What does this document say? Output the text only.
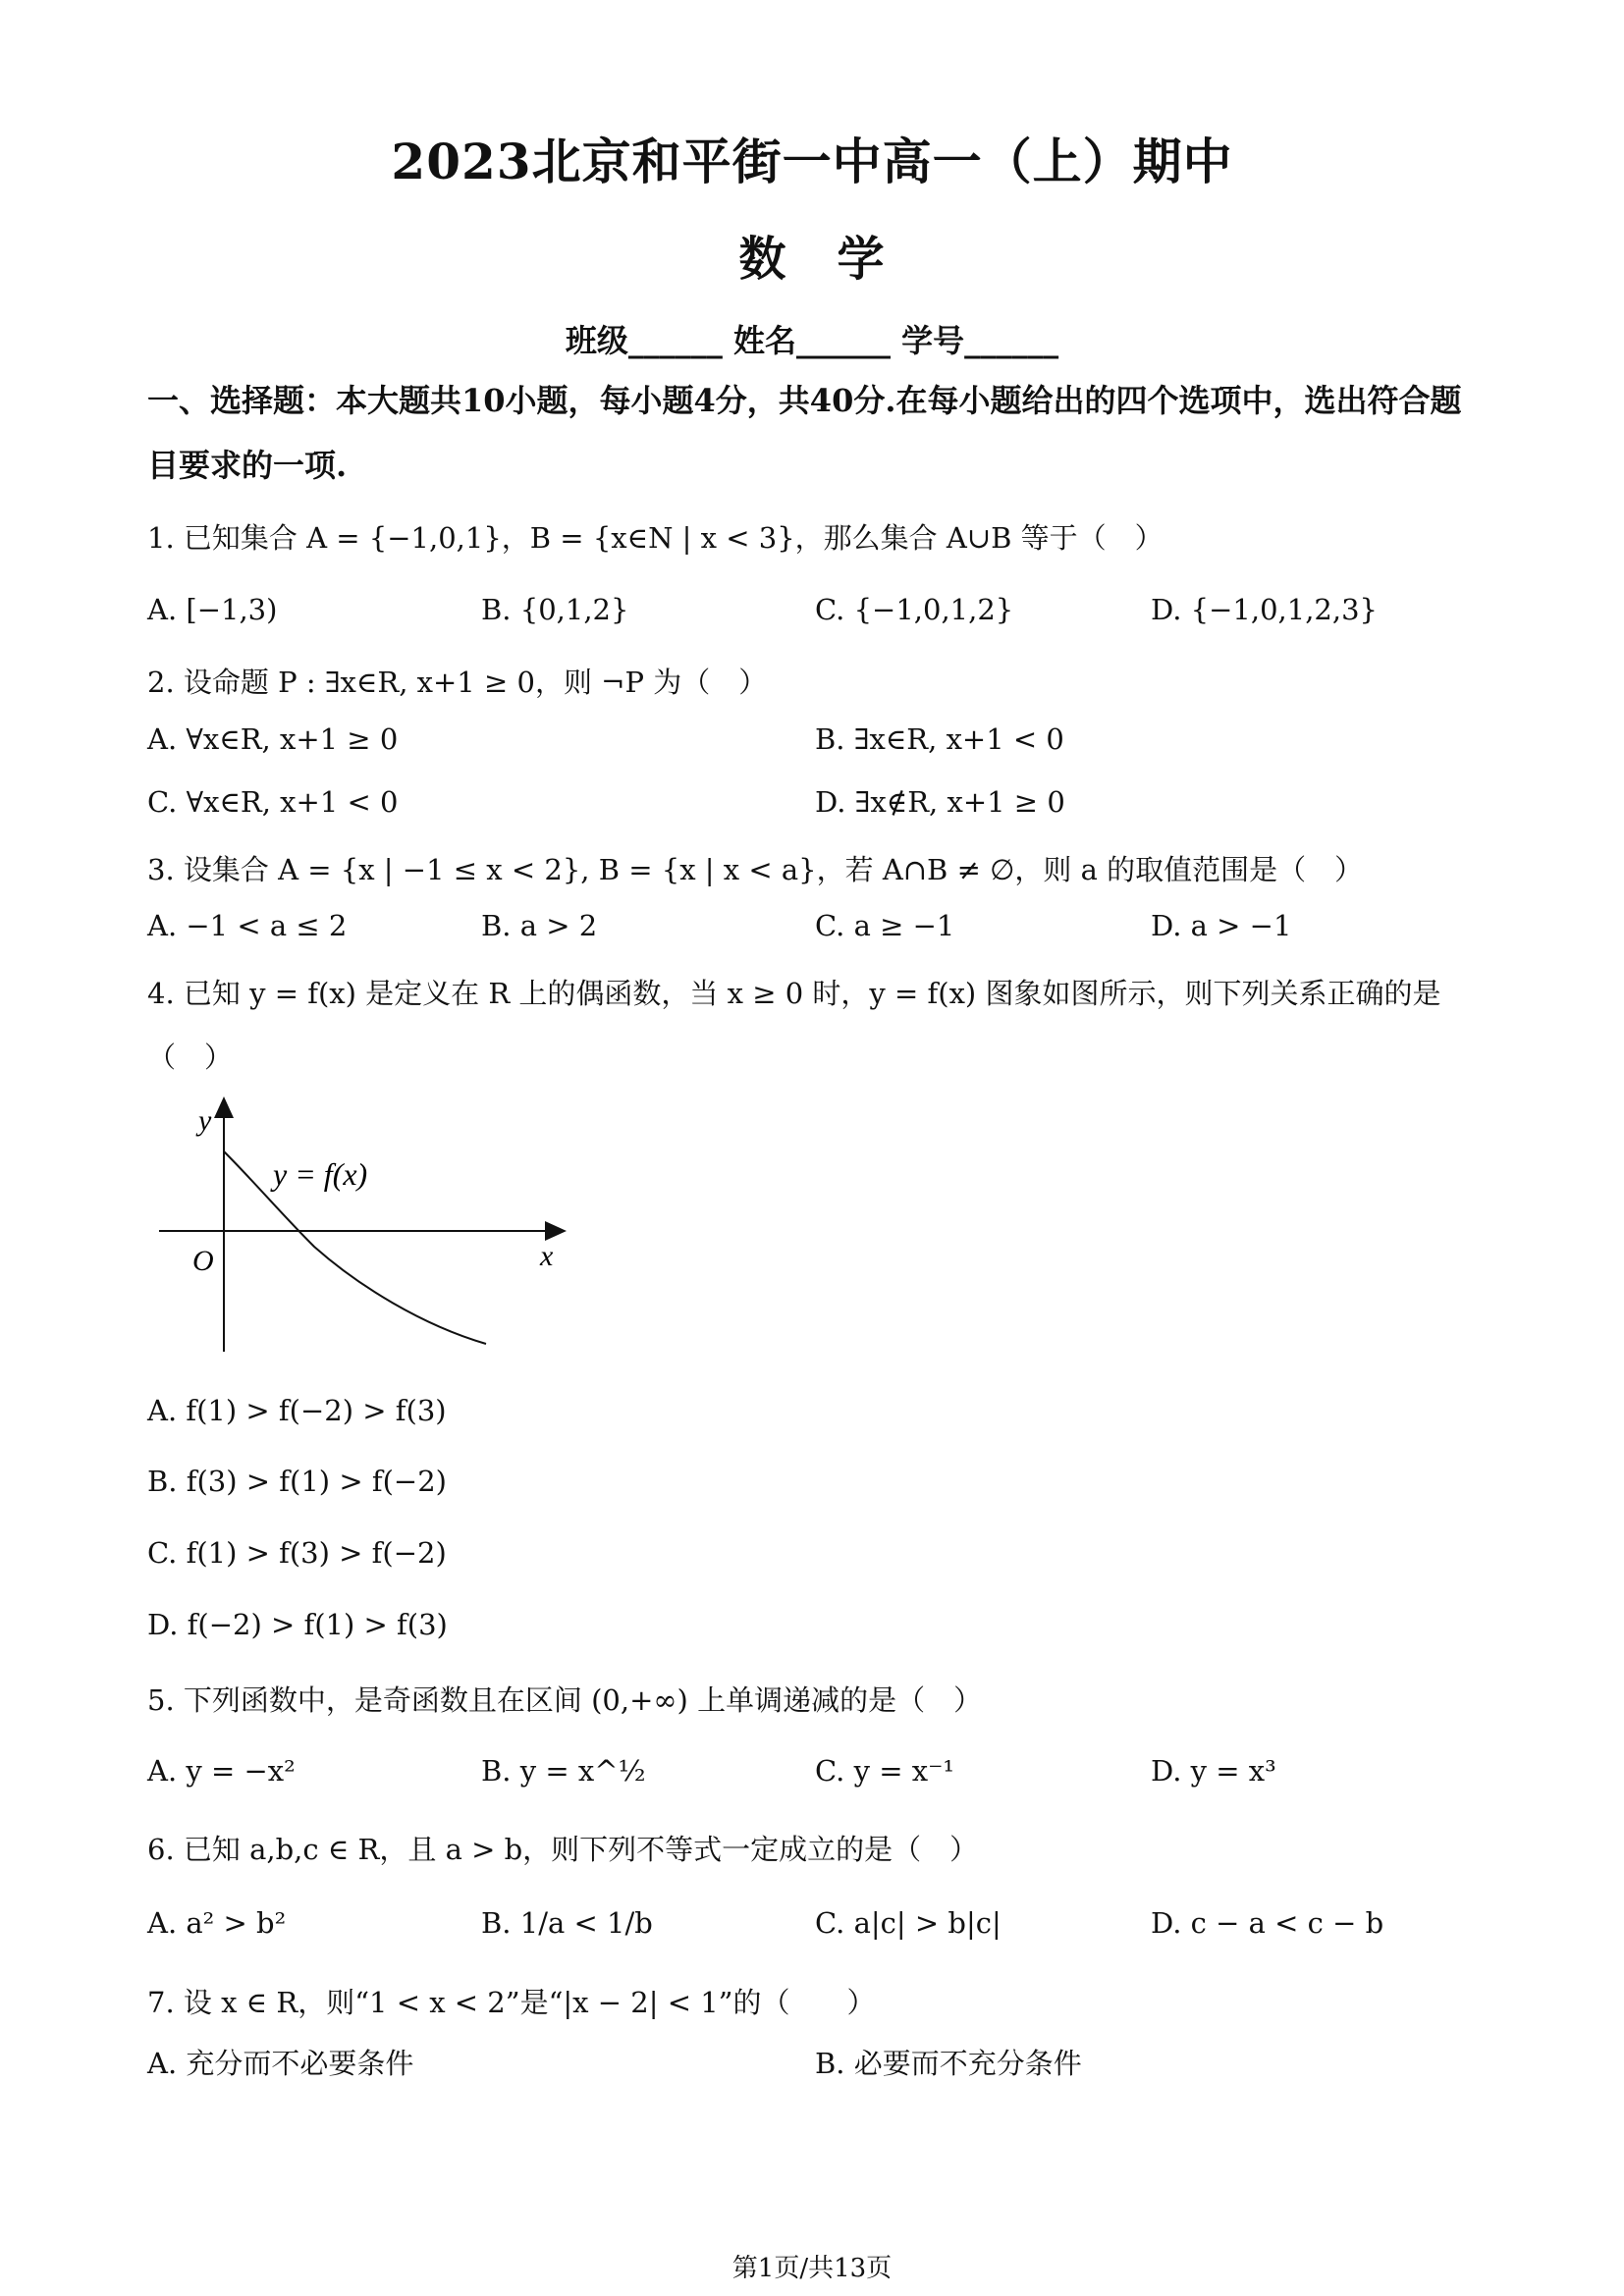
2023北京和平街一中高一（上）期中
数 学
班级______ 姓名______ 学号______
一、选择题：本大题共10小题，每小题4分，共40分.在每小题给出的四个选项中，选出符合题目要求的一项.
1. 已知集合 A = {−1,0,1}，B = {x∈N | x < 3}，那么集合 A∪B 等于（　）
A. [−1,3)	B. {0,1,2}	C. {−1,0,1,2}	D. {−1,0,1,2,3}
2. 设命题 P : ∃x∈R, x+1 ≥ 0，则 ¬P 为（　）
A. ∀x∈R, x+1 ≥ 0	B. ∃x∈R, x+1 < 0
C. ∀x∈R, x+1 < 0	D. ∃x∉R, x+1 ≥ 0
3. 设集合 A = {x | −1 ≤ x < 2}, B = {x | x < a}，若 A∩B ≠ ∅，则 a 的取值范围是（　）
A. −1 < a ≤ 2	B. a > 2	C. a ≥ −1	D. a > −1
4. 已知 y = f(x) 是定义在 R 上的偶函数，当 x ≥ 0 时，y = f(x) 图象如图所示，则下列关系正确的是
（　）
y
x
O
y = f(x)
A. f(1) > f(−2) > f(3)
B. f(3) > f(1) > f(−2)
C. f(1) > f(3) > f(−2)
D. f(−2) > f(1) > f(3)
5. 下列函数中，是奇函数且在区间 (0,+∞) 上单调递减的是（　）
A. y = −x²	B. y = x^½	C. y = x⁻¹	D. y = x³
6. 已知 a,b,c ∈ R，且 a > b，则下列不等式一定成立的是（　）
A. a² > b²	B. 1/a < 1/b	C. a|c| > b|c|	D. c − a < c − b
7. 设 x ∈ R，则“1 < x < 2”是“|x − 2| < 1”的（　　）
A. 充分而不必要条件	B. 必要而不充分条件
第1页/共13页
